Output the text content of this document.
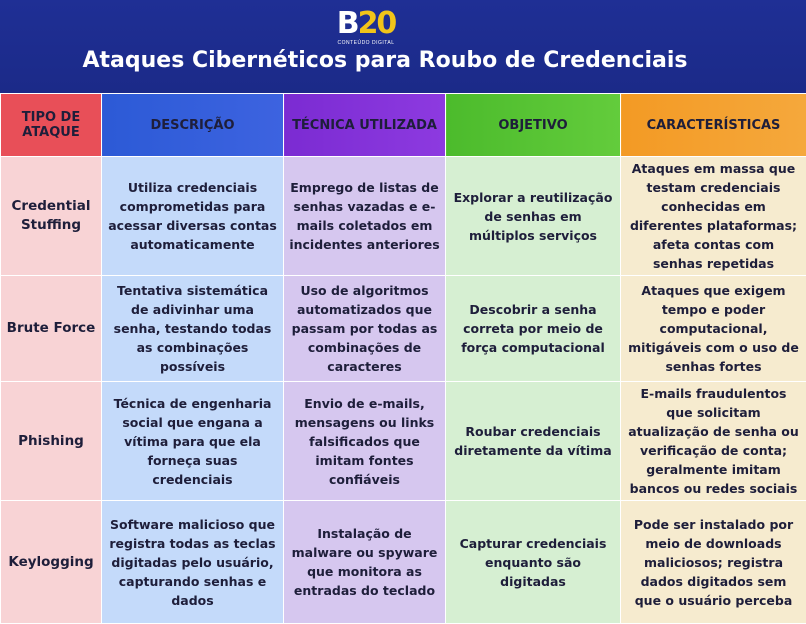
B20
CONTEÚDO DIGITAL
Ataques Cibernéticos para Roubo de Credenciais
TIPO DE ATAQUE	DESCRIÇÃO	TÉCNICA UTILIZADA	OBJETIVO	CARACTERÍSTICAS
Credential Stuffing	Utiliza credenciais comprometidas para acessar diversas contas automaticamente	Emprego de listas de senhas vazadas e e-mails coletados em incidentes anteriores	Explorar a reutilização de senhas em múltiplos serviços	Ataques em massa que testam credenciais conhecidas em diferentes plataformas; afeta contas com senhas repetidas
Brute Force	Tentativa sistemática de adivinhar uma senha, testando todas as combinações possíveis	Uso de algoritmos automatizados que passam por todas as combinações de caracteres	Descobrir a senha correta por meio de força computacional	Ataques que exigem tempo e poder computacional, mitigáveis com o uso de senhas fortes
Phishing	Técnica de engenharia social que engana a vítima para que ela forneça suas credenciais	Envio de e-mails, mensagens ou links falsificados que imitam fontes confiáveis	Roubar credenciais diretamente da vítima	E-mails fraudulentos que solicitam atualização de senha ou verificação de conta; geralmente imitam bancos ou redes sociais
Keylogging	Software malicioso que registra todas as teclas digitadas pelo usuário, capturando senhas e dados	Instalação de malware ou spyware que monitora as entradas do teclado	Capturar credenciais enquanto são digitadas	Pode ser instalado por meio de downloads maliciosos; registra dados digitados sem que o usuário perceba
